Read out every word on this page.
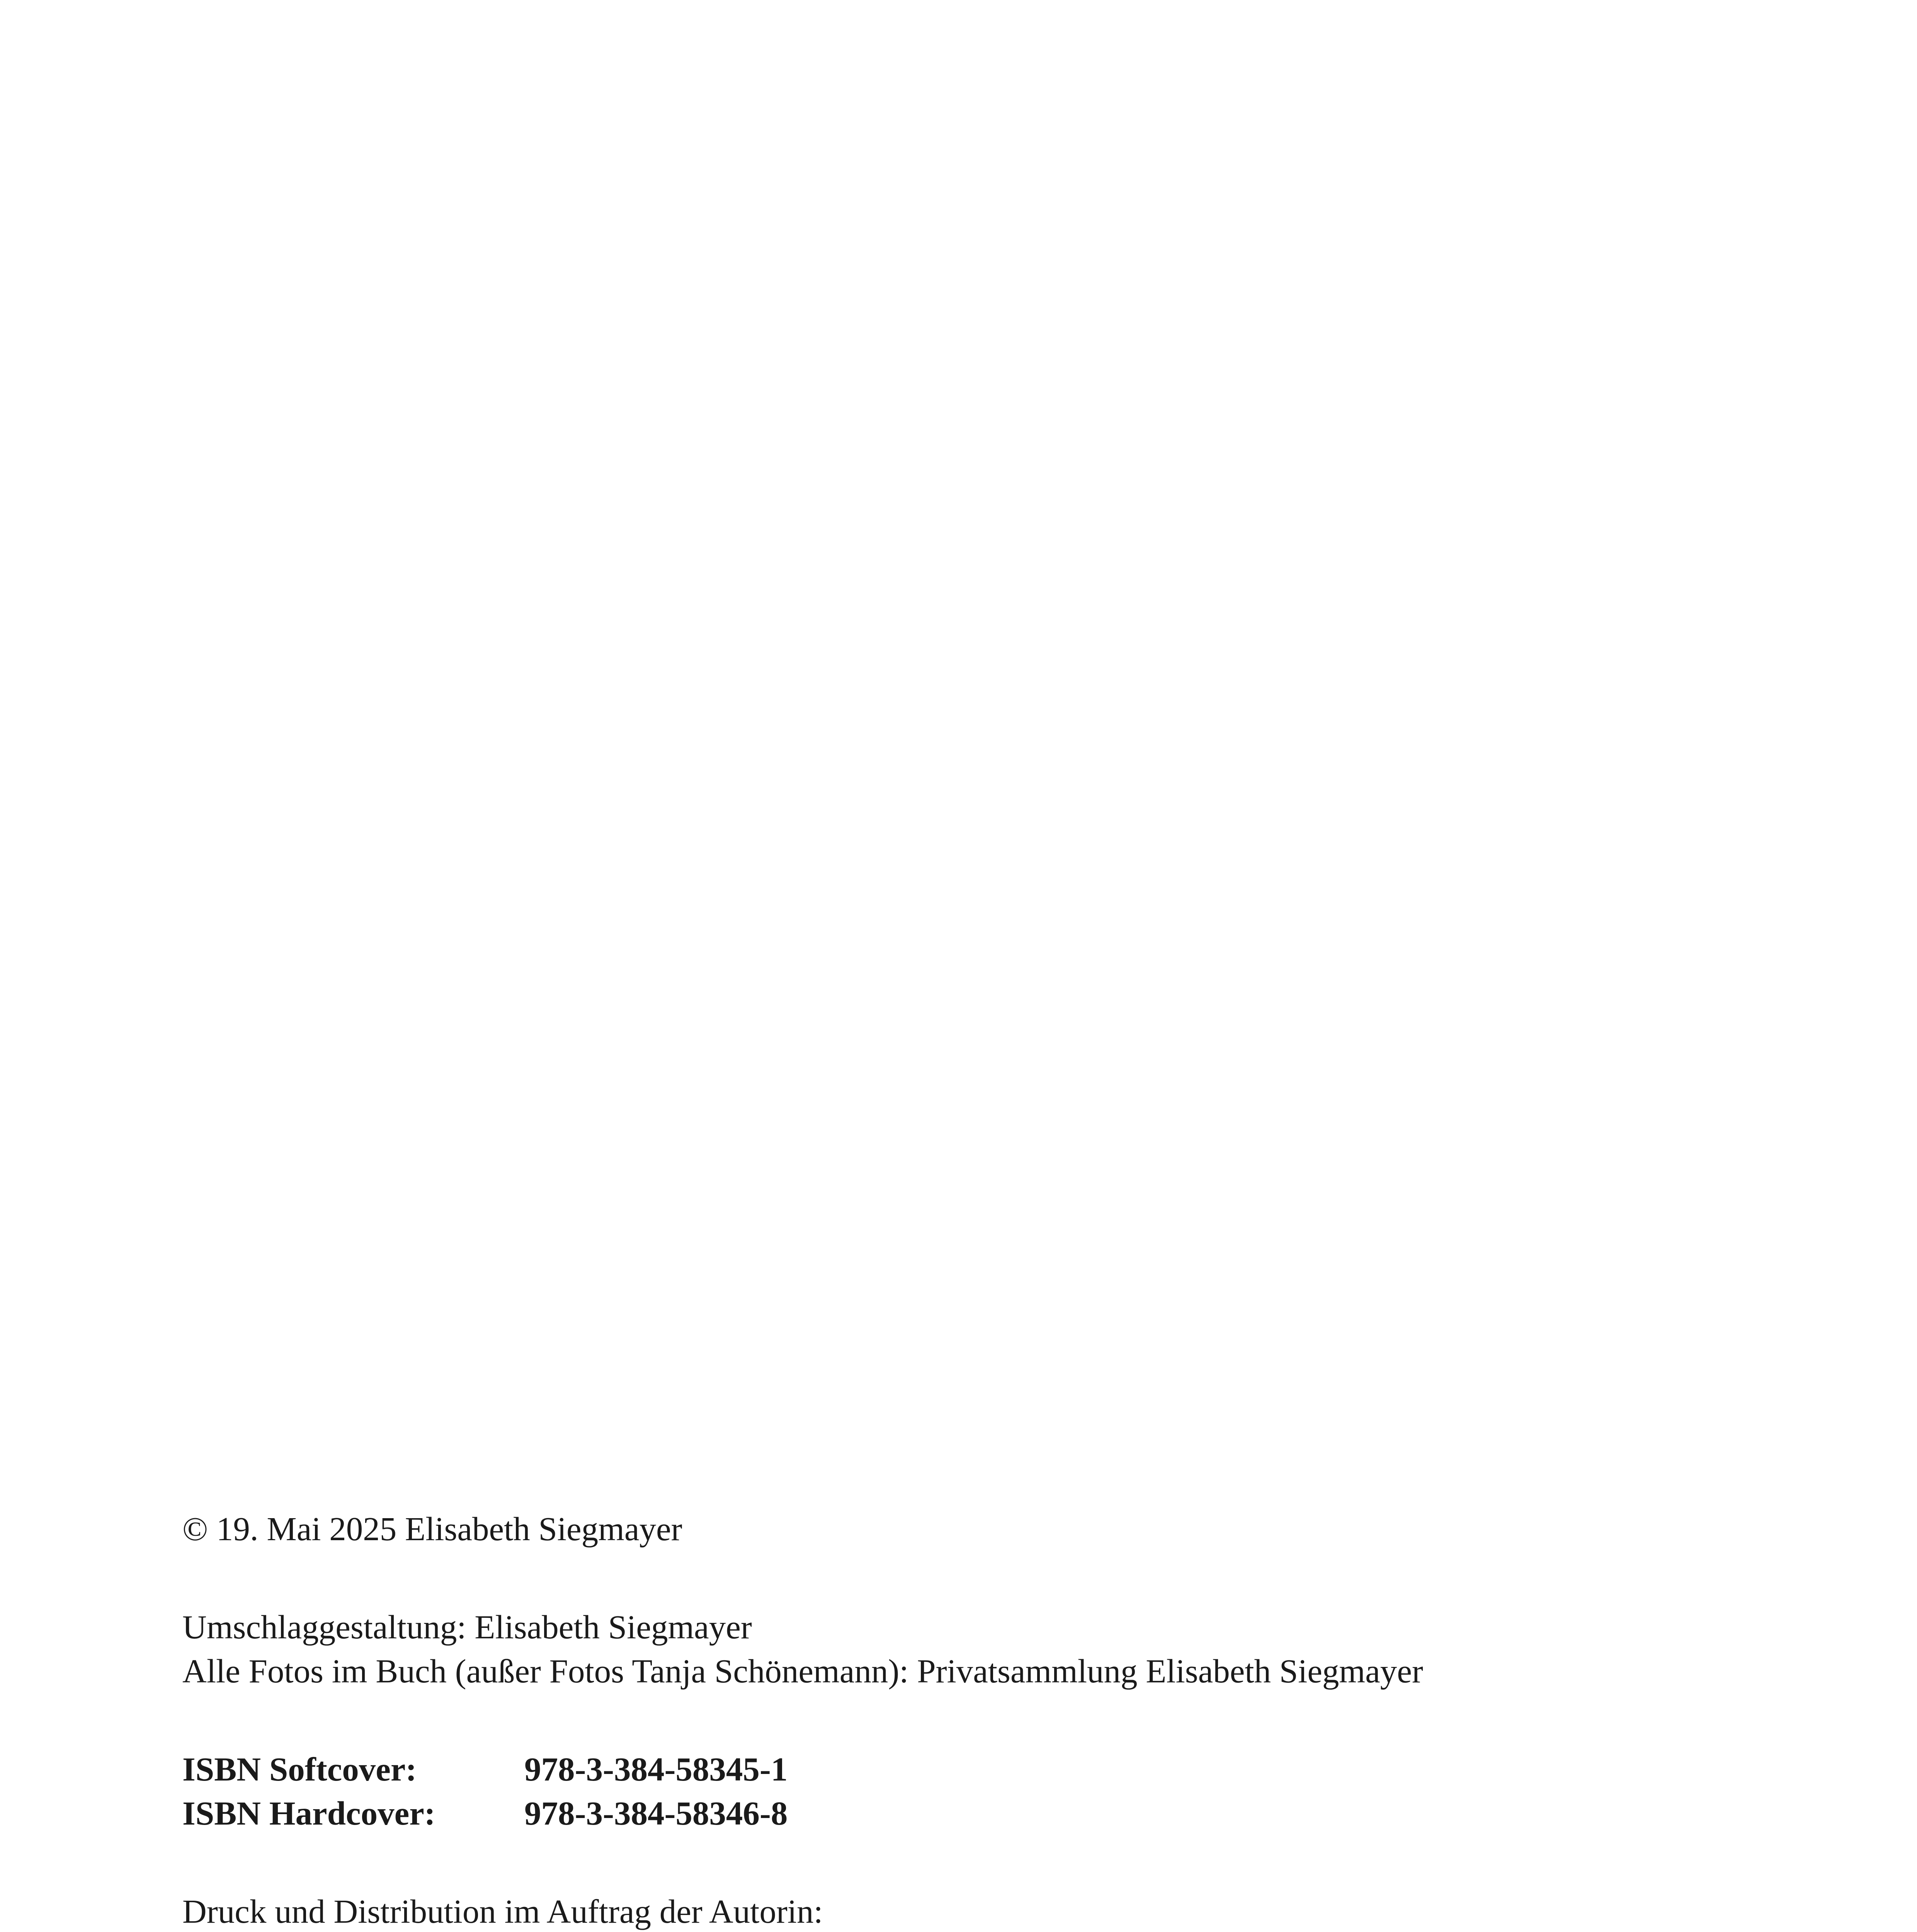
© 19. Mai 2025 Elisabeth Siegmayer

Umschlaggestaltung: Elisabeth Siegmayer
Alle Fotos im Buch (außer Fotos Tanja Schönemann): Privatsammlung Elisabeth Siegmayer

ISBN Softcover:	978-3-384-58345-1
ISBN Hardcover:	978-3-384-58346-8

Druck und Distribution im Auftrag der Autorin:
